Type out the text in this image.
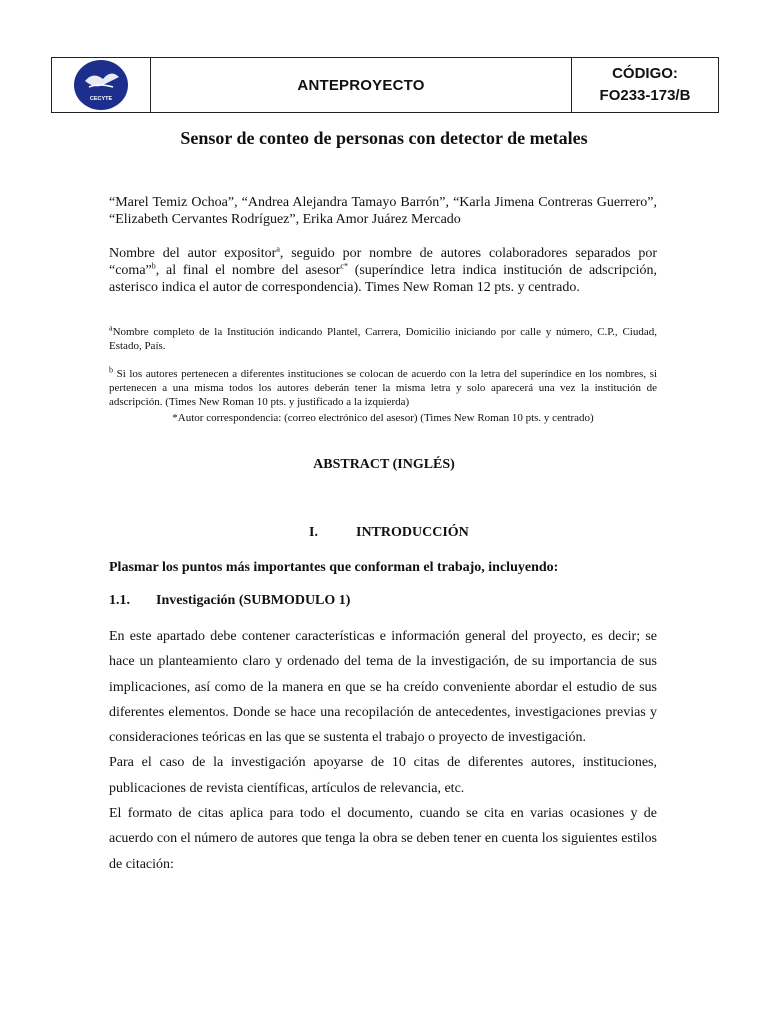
CECYTE
ANTEPROYECTO
CÓDIGO:
FO233-173/B
Sensor de conteo de personas con detector de metales

“Marel Temiz Ochoa”, “Andrea Alejandra Tamayo Barrón”, “Karla Jimena Contreras Guerrero”, “Elizabeth Cervantes Rodríguez”, Erika Amor Juárez Mercado

Nombre del autor expositor$^a$, seguido por nombre de autores colaboradores separados por “coma”$^b$, al final el nombre del asesor$^{c*}$ (superíndice letra indica institución de adscripción, asterisco indica el autor de correspondencia). Times New Roman 12 pts. y centrado.

$^a$Nombre completo de la Institución indicando Plantel, Carrera, Domicilio iniciando por calle y número, C.P., Ciudad, Estado, País.

$^b$ Si los autores pertenecen a diferentes instituciones se colocan de acuerdo con la letra del superíndice en los nombres, si pertenecen a una misma todos los autores deberán tener la misma letra y solo aparecerá una vez la institución de adscripción. (Times New Roman 10 pts. y justificado a la izquierda)

*Autor correspondencia: (correo electrónico del asesor) (Times New Roman 10 pts. y centrado)

ABSTRACT (INGLÉS)
I.	INTRODUCCIÓN

Plasmar los puntos más importantes que conforman el trabajo, incluyendo:

1.1. Investigación (SUBMODULO 1)

En este apartado debe contener características e información general del proyecto, es decir; se hace un planteamiento claro y ordenado del tema de la investigación, de su importancia de sus implicaciones, así como de la manera en que se ha creído conveniente abordar el estudio de sus diferentes elementos. Donde se hace una recopilación de antecedentes, investigaciones previas y consideraciones teóricas en las que se sustenta el trabajo o proyecto de investigación.

Para el caso de la investigación apoyarse de 10 citas de diferentes autores, instituciones, publicaciones de revista científicas, artículos de relevancia, etc.

El formato de citas aplica para todo el documento, cuando se cita en varias ocasiones y de acuerdo con el número de autores que tenga la obra se deben tener en cuenta los siguientes estilos de citación:
